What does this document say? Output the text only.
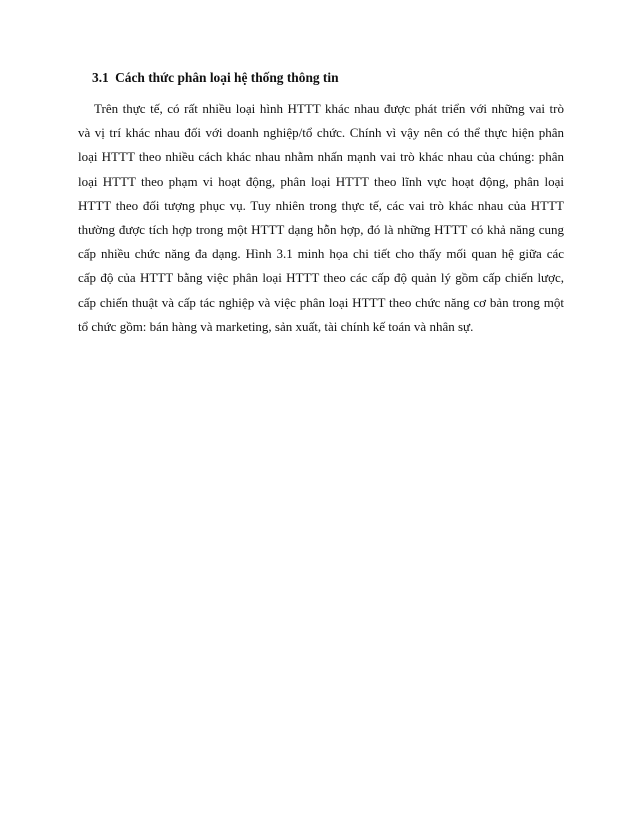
3.1 Cách thức phân loại hệ thống thông tin
Trên thực tế, có rất nhiều loại hình HTTT khác nhau được phát triển với những vai trò
và vị trí khác nhau đối với doanh nghiệp/tổ chức. Chính vì vậy nên có thể thực hiện phân
loại HTTT theo nhiều cách khác nhau nhằm nhấn mạnh vai trò khác nhau của chúng: phân
loại HTTT theo phạm vi hoạt động, phân loại HTTT theo lĩnh vực hoạt động, phân loại
HTTT theo đối tượng phục vụ. Tuy nhiên trong thực tế, các vai trò khác nhau của HTTT
thường được tích hợp trong một HTTT dạng hỗn hợp, đó là những HTTT có khả năng cung
cấp nhiều chức năng đa dạng. Hình 3.1 minh họa chi tiết cho thấy mối quan hệ giữa các
cấp độ của HTTT bằng việc phân loại HTTT theo các cấp độ quản lý gồm cấp chiến lược,
cấp chiến thuật và cấp tác nghiệp và việc phân loại HTTT theo chức năng cơ bản trong một
tổ chức gồm: bán hàng và marketing, sản xuất, tài chính kế toán và nhân sự.
